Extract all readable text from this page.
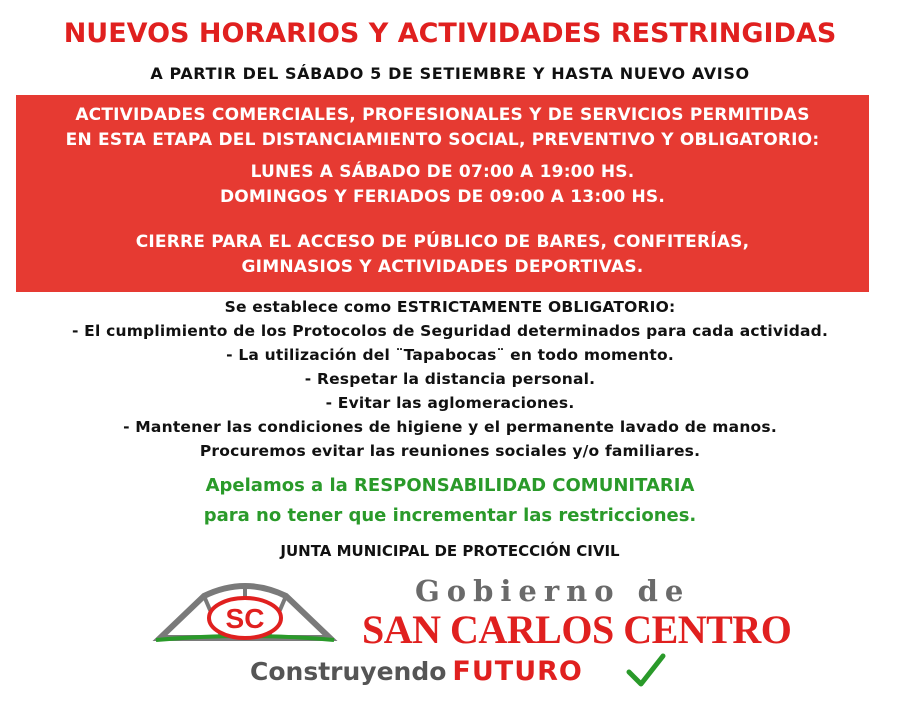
NUEVOS HORARIOS Y ACTIVIDADES RESTRINGIDAS
A PARTIR DEL SÁBADO 5 DE SETIEMBRE Y HASTA NUEVO AVISO
ACTIVIDADES COMERCIALES, PROFESIONALES Y DE SERVICIOS PERMITIDAS
EN ESTA ETAPA DEL DISTANCIAMIENTO SOCIAL, PREVENTIVO Y OBLIGATORIO:
LUNES A SÁBADO DE 07:00 A 19:00 HS.
DOMINGOS Y FERIADOS DE 09:00 A 13:00 HS.
CIERRE PARA EL ACCESO DE PÚBLICO DE BARES, CONFITERÍAS,
GIMNASIOS Y ACTIVIDADES DEPORTIVAS.
Se establece como ESTRICTAMENTE OBLIGATORIO:
- El cumplimiento de los Protocolos de Seguridad determinados para cada actividad.
- La utilización del ¨Tapabocas¨ en todo momento.
- Respetar la distancia personal.
- Evitar las aglomeraciones.
- Mantener las condiciones de higiene y el permanente lavado de manos.
Procuremos evitar las reuniones sociales y/o familiares.
Apelamos a la RESPONSABILIDAD COMUNITARIA
para no tener que incrementar las restricciones.
JUNTA MUNICIPAL DE PROTECCIÓN CIVIL
SC
Gobierno de
SAN CARLOS CENTRO
Construyendo FUTURO
